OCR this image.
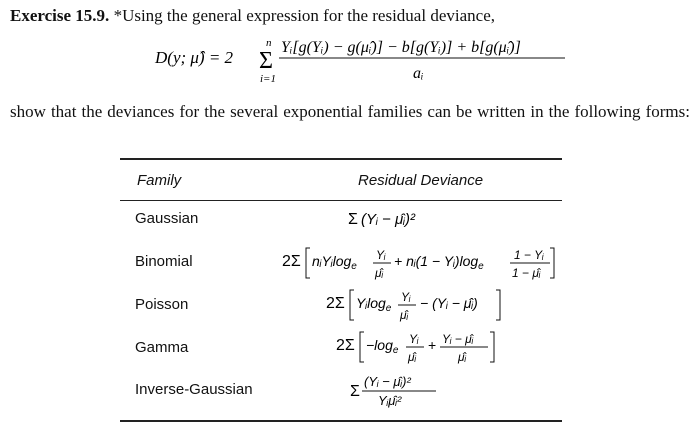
Exercise 15.9. *Using the general expression for the residual deviance,
D(y; μ̂) = 2 Σ
n
i=1
Yᵢ[g(Yᵢ) − g(μ̂ᵢ)] − b[g(Yᵢ)] + b[g(μ̂ᵢ)]
aᵢ
show that the deviances for the several exponential families can be written in the following forms:
Family	Residual Deviance
Gaussian
Binomial
Poisson
Gamma
Inverse-Gaussian
Σ (Yᵢ − μ̂ᵢ)²
2Σ nᵢYᵢlog$_e$
Yᵢ
μ̂ᵢ
+ nᵢ(1 − $Yᵢ)\log_e$
1 − Yᵢ
1 − μ̂ᵢ
2Σ Yᵢlog$_e$
Yᵢ
μ̂ᵢ
− (Yᵢ − μ̂ᵢ)
$2\Sigma -\log_e$
Yᵢ
μ̂ᵢ
+ Yᵢ − μ̂ᵢ
μ̂ᵢ
Σ
(Yᵢ − μ̂ᵢ)²
Yᵢμ̂ᵢ²
